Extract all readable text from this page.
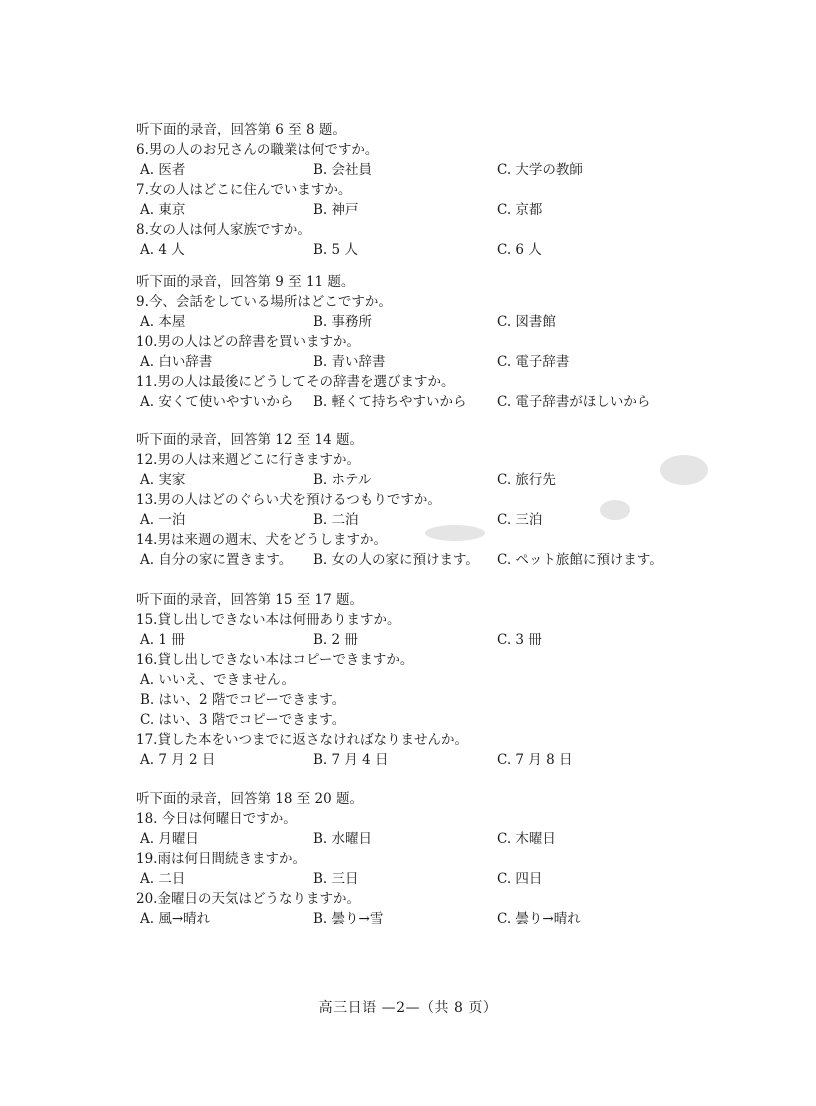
听下面的录音，回答第 6 至 8 题。
6.男の人のお兄さんの職業は何ですか。
A. 医者	B. 会社員	C. 大学の教師
7.女の人はどこに住んでいますか。
A. 東京	B. 神戸	C. 京都
8.女の人は何人家族ですか。
A. 4 人	B. 5 人	C. 6 人
听下面的录音，回答第 9 至 11 题。
9.今、会話をしている場所はどこですか。
A. 本屋	B. 事務所	C. 図書館
10.男の人はどの辞書を買いますか。
A. 白い辞書	B. 青い辞書	C. 電子辞書
11.男の人は最後にどうしてその辞書を選びますか。
A. 安くて使いやすいから B. 軽くて持ちやすいから C. 電子辞書がほしいから
听下面的录音，回答第 12 至 14 题。
12.男の人は来週どこに行きますか。
A. 実家	B. ホテル	C. 旅行先
13.男の人はどのぐらい犬を預けるつもりですか。
A. 一泊	B. 二泊	C. 三泊
14.男は来週の週末、犬をどうしますか。
A. 自分の家に置きます。 B. 女の人の家に預けます。 C. ペット旅館に預けます。
听下面的录音，回答第 15 至 17 题。
15.貸し出しできない本は何冊ありますか。
A. 1 冊	B. 2 冊	C. 3 冊
16.貸し出しできない本はコピーできますか。
A. いいえ、できません。
B. はい、2 階でコピーできます。
C. はい、3 階でコピーできます。
17.貸した本をいつまでに返さなければなりませんか。
A. 7 月 2 日	B. 7 月 4 日	C. 7 月 8 日
听下面的录音，回答第 18 至 20 题。
18. 今日は何曜日ですか。
A. 月曜日	B. 水曜日	C. 木曜日
19.雨は何日間続きますか。
A. 二日	B. 三日	C. 四日
20.金曜日の天気はどうなりますか。
A. 風→晴れ	B. 曇り→雪	C. 曇り→晴れ
高三日语 —2—（共 8 页）
